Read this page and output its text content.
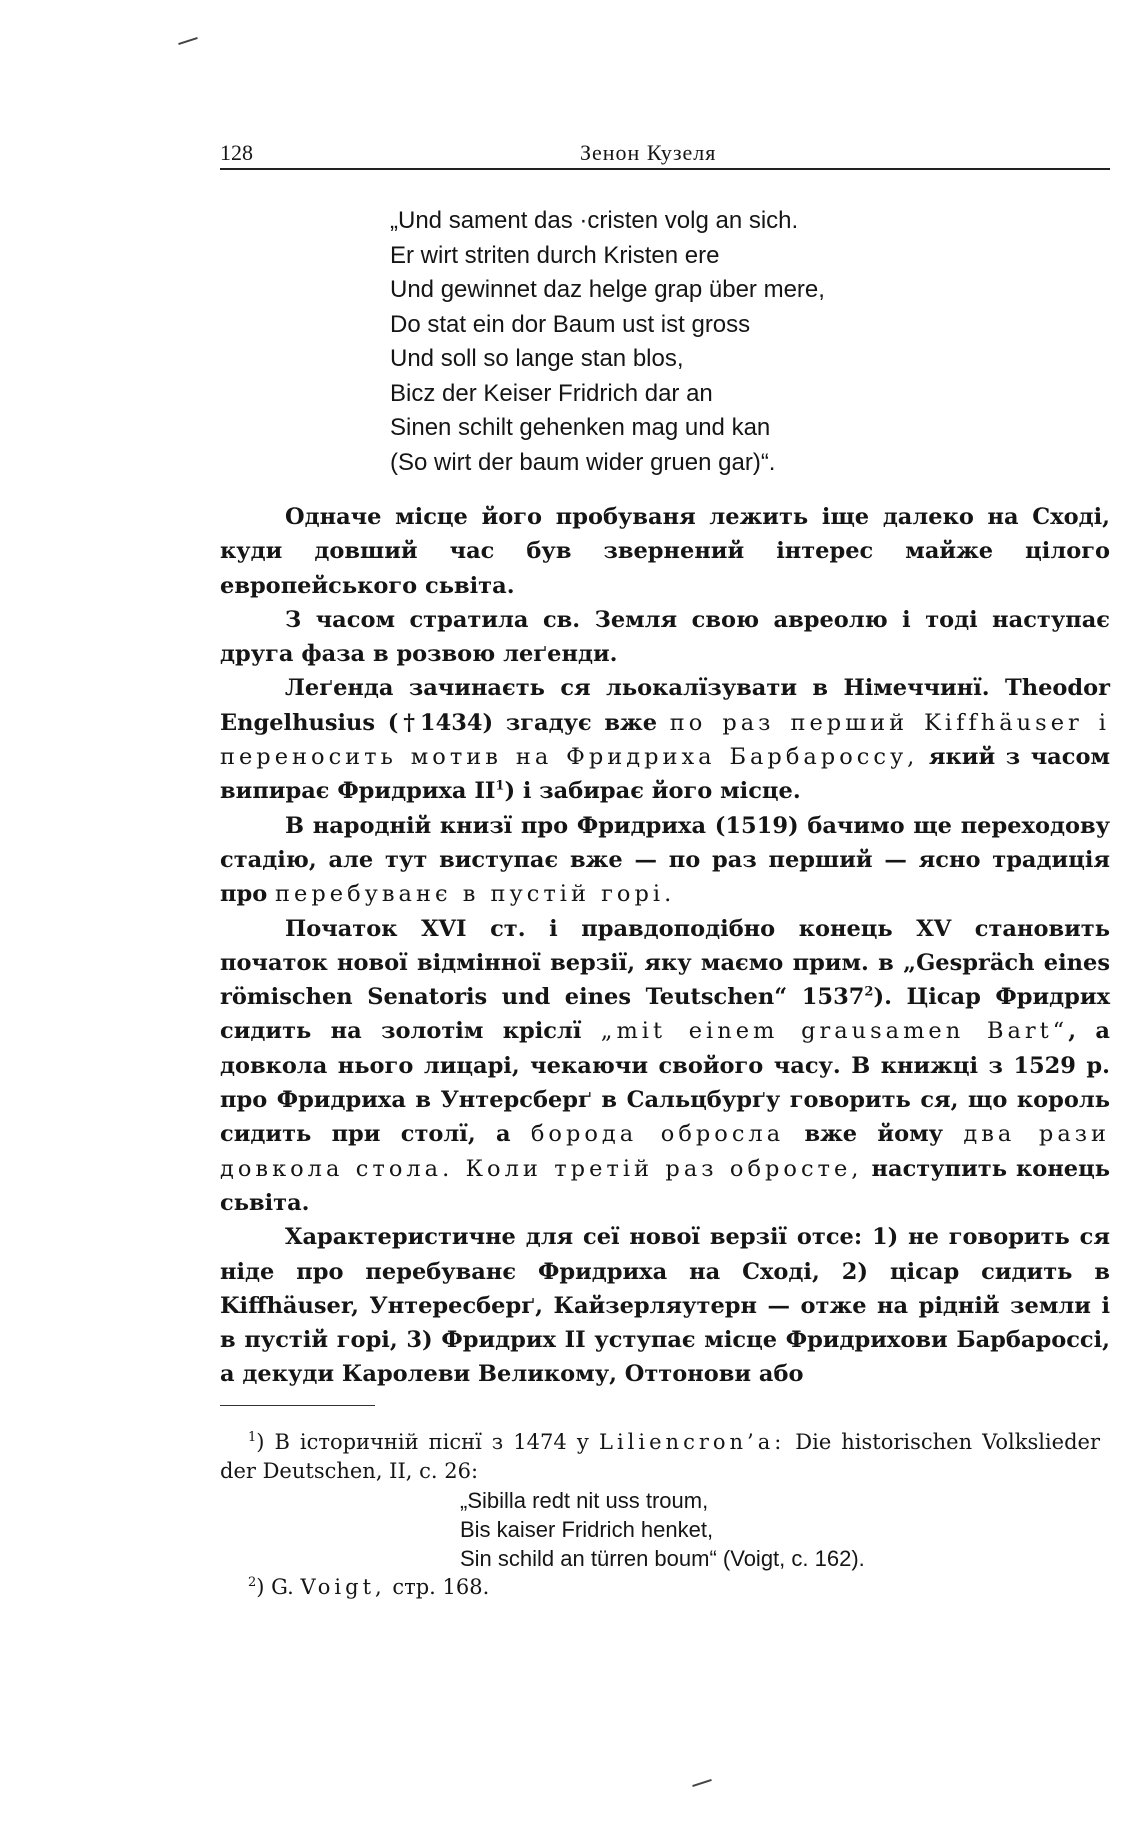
128	Зенон Кузеля
„Und sament das ·cristen volg an sich.
Er wirt striten durch Kristen ere
Und gewinnet daz helge grap über mere,
Do stat ein dor Baum ust ist gross
Und soll so lange stan blos,
Bicz der Keiser Fridrich dar an
Sinen schilt gehenken mag und kan
(So wirt der baum wider gruen gar)“.

Одначе місце його пробуваня лежить іще далеко на Сході, куди довший час був звернений інтерес майже цілого европейського сьвіта.

З часом стратила св. Земля свою авреолю і тоді наступає друга фаза в розвою леґенди.

Леґенда зачинаєть ся льокалїзувати в Німеччинї. Theodor Engelhusius (†1434) згадує вже по раз перший Kiffhäuser і переносить мотив на Фридриха Барбароссу, який з часом випирає Фридриха $II^1$) і забирає його місце.

В народній книзї про Фридриха (1519) бачимо ще переходову стадію, але тут виступає вже — по раз перший — ясно традиція про перебуванє в пустій горі.

Початок XVI ст. і правдоподібно конець XV становить початок нової відмінної верзії, яку маємо прим. в „Gespräch eines römischen Senatoris und eines Teutschen“ 1537$^2$). Цісар Фридрих сидить на золотім кріслї „mit einem grausamen Bart“, а довкола нього лицарі, чекаючи свойого часу. В книжці з 1529 р. про Фридриха в Унтерсберґ в Сальцбурґу говорить ся, що король сидить при столї, а борода обросла вже йому два рази довкола стола. Коли третій раз обросте, наступить конець сьвіта.

Характеристичне для сеї нової верзії отсе: 1) не говорить ся ніде про перебуванє Фридриха на Сході, 2) цісар сидить в Kiffhäuser, Унтересберґ, Кайзерляутерн — отже на рідній земли і в пустій горі, 3) Фридрих II уступає місце Фридрихови Барбароссі, а декуди Каролеви Великому, Оттонови або

$^1$) В історичній піснї з 1474 у Liliencron’a: Die historischen Volkslieder der Deutschen, II, с. 26:

„Sibilla redt nit uss troum,
Bis kaiser Fridrich henket,
Sin schild an türren boum“ (Voigt, с. 162).

$^2$) G. Voigt, стр. 168.
